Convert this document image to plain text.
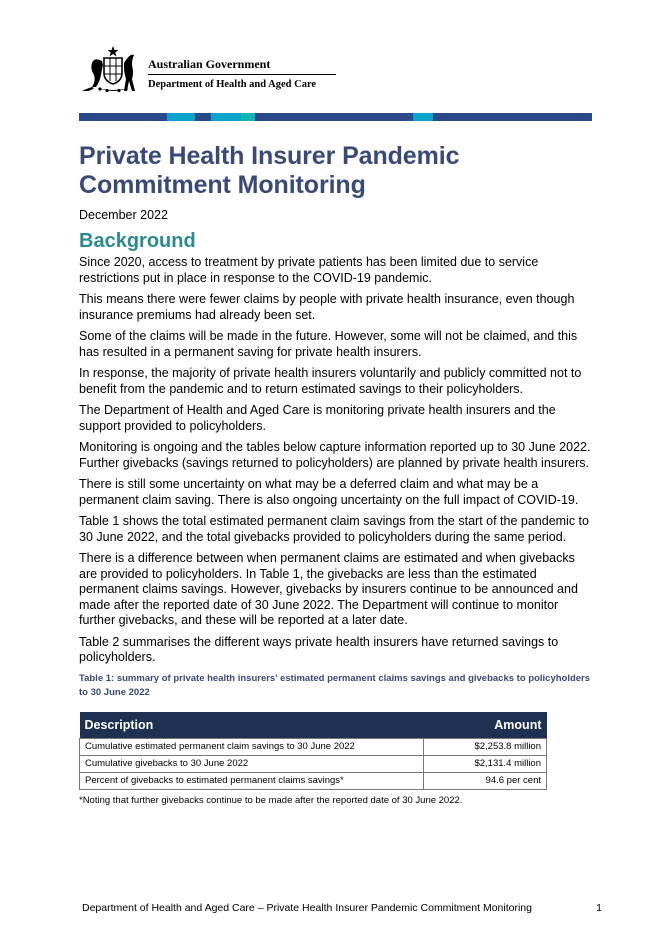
Australian Government
Department of Health and Aged Care
Private Health Insurer Pandemic
Commitment Monitoring
December 2022
Background

Since 2020, access to treatment by private patients has been limited due to service restrictions put in place in response to the COVID-19 pandemic.

This means there were fewer claims by people with private health insurance, even though insurance premiums had already been set.

Some of the claims will be made in the future. However, some will not be claimed, and this has resulted in a permanent saving for private health insurers.

In response, the majority of private health insurers voluntarily and publicly committed not to benefit from the pandemic and to return estimated savings to their policyholders.

The Department of Health and Aged Care is monitoring private health insurers and the support provided to policyholders.

Monitoring is ongoing and the tables below capture information reported up to 30 June 2022. Further givebacks (savings returned to policyholders) are planned by private health insurers.

There is still some uncertainty on what may be a deferred claim and what may be a permanent claim saving. There is also ongoing uncertainty on the full impact of COVID-19.

Table 1 shows the total estimated permanent claim savings from the start of the pandemic to 30 June 2022, and the total givebacks provided to policyholders during the same period.

There is a difference between when permanent claims are estimated and when givebacks are provided to policyholders. In Table 1, the givebacks are less than the estimated permanent claims savings. However, givebacks by insurers continue to be announced and made after the reported date of 30 June 2022. The Department will continue to monitor further givebacks, and these will be reported at a later date.

Table 2 summarises the different ways private health insurers have returned savings to policyholders.

Table 1: summary of private health insurers' estimated permanent claims savings and givebacks to policyholders to 30 June 2022
Description	Amount
Cumulative estimated permanent claim savings to 30 June 2022	$2,253.8 million
Cumulative givebacks to 30 June 2022	$2,131.4 million
Percent of givebacks to estimated permanent claims savings*	94.6 per cent
*Noting that further givebacks continue to be made after the reported date of 30 June 2022.
Department of Health and Aged Care – Private Health Insurer Pandemic Commitment Monitoring	1
